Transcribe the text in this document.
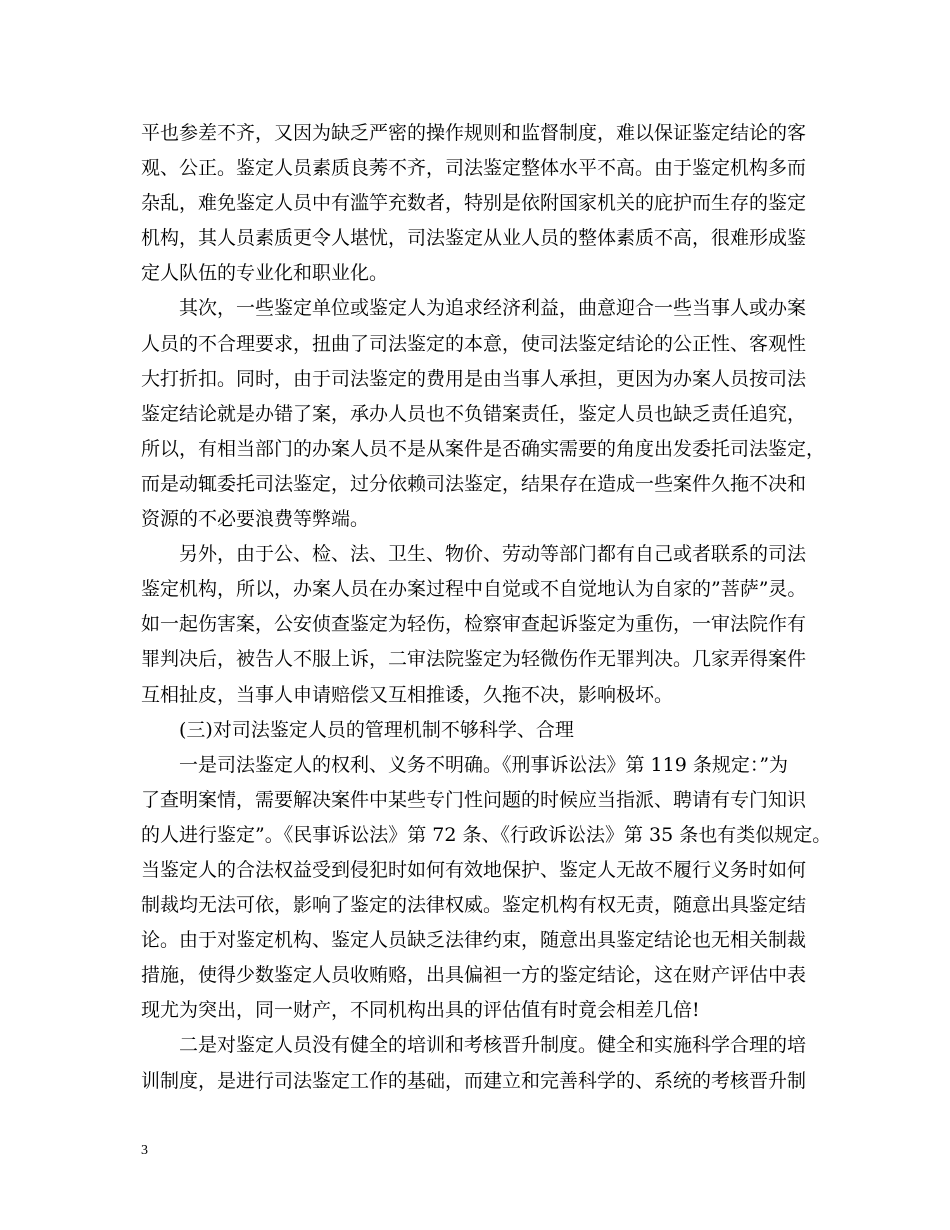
平也参差不齐，又因为缺乏严密的操作规则和监督制度，难以保证鉴定结论的客
观、公正。鉴定人员素质良莠不齐，司法鉴定整体水平不高。由于鉴定机构多而
杂乱，难免鉴定人员中有滥竽充数者，特别是依附国家机关的庇护而生存的鉴定
机构，其人员素质更令人堪忧，司法鉴定从业人员的整体素质不高，很难形成鉴
定人队伍的专业化和职业化。
其次，一些鉴定单位或鉴定人为追求经济利益，曲意迎合一些当事人或办案
人员的不合理要求，扭曲了司法鉴定的本意，使司法鉴定结论的公正性、客观性
大打折扣。同时，由于司法鉴定的费用是由当事人承担，更因为办案人员按司法
鉴定结论就是办错了案，承办人员也不负错案责任，鉴定人员也缺乏责任追究，
所以，有相当部门的办案人员不是从案件是否确实需要的角度出发委托司法鉴定，
而是动辄委托司法鉴定，过分依赖司法鉴定，结果存在造成一些案件久拖不决和
资源的不必要浪费等弊端。
另外，由于公、检、法、卫生、物价、劳动等部门都有自己或者联系的司法
鉴定机构，所以，办案人员在办案过程中自觉或不自觉地认为自家的”菩萨”灵。
如一起伤害案，公安侦查鉴定为轻伤，检察审查起诉鉴定为重伤，一审法院作有
罪判决后，被告人不服上诉，二审法院鉴定为轻微伤作无罪判决。几家弄得案件
互相扯皮，当事人申请赔偿又互相推诿，久拖不决，影响极坏。
(三)对司法鉴定人员的管理机制不够科学、合理
一是司法鉴定人的权利、义务不明确。《刑事诉讼法》第 119 条规定：”为
了查明案情，需要解决案件中某些专门性问题的时候应当指派、聘请有专门知识
的人进行鉴定”。《民事诉讼法》第 72 条、《行政诉讼法》第 35 条也有类似规定。
当鉴定人的合法权益受到侵犯时如何有效地保护、鉴定人无故不履行义务时如何
制裁均无法可依，影响了鉴定的法律权威。鉴定机构有权无责，随意出具鉴定结
论。由于对鉴定机构、鉴定人员缺乏法律约束，随意出具鉴定结论也无相关制裁
措施，使得少数鉴定人员收贿赂，出具偏袒一方的鉴定结论，这在财产评估中表
现尤为突出，同一财产，不同机构出具的评估值有时竟会相差几倍!
二是对鉴定人员没有健全的培训和考核晋升制度。健全和实施科学合理的培
训制度，是进行司法鉴定工作的基础，而建立和完善科学的、系统的考核晋升制
3
